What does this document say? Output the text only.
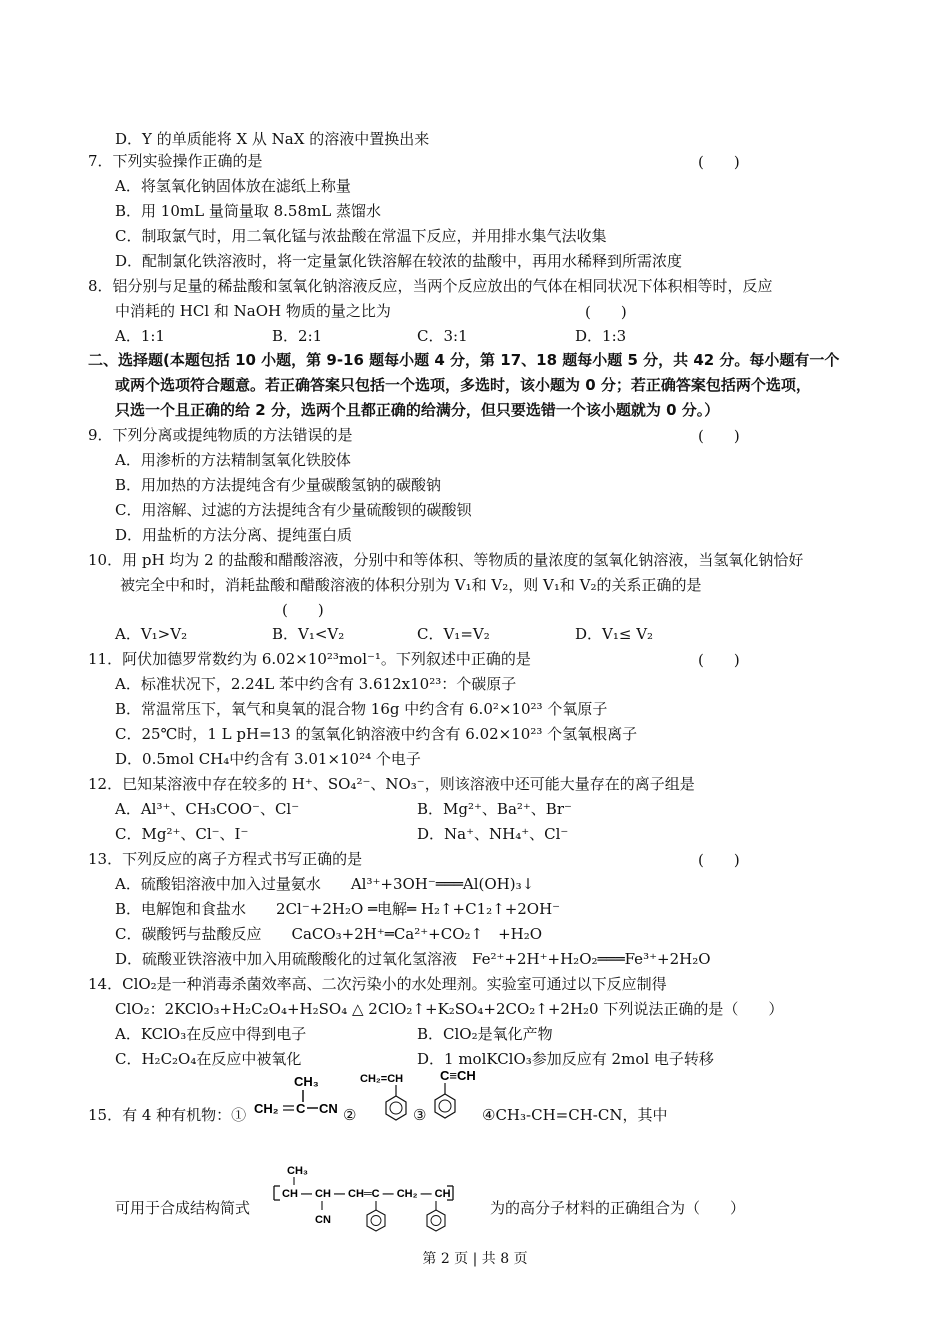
D．Y 的单质能将 X 从 NaX 的溶液中置换出来
7．下列实验操作正确的是	(　　)
A．将氢氧化钠固体放在滤纸上称量
B．用 10mL 量筒量取 8.58mL 蒸馏水
C．制取氯气时，用二氧化锰与浓盐酸在常温下反应，并用排水集气法收集
D．配制氯化铁溶液时，将一定量氯化铁溶解在较浓的盐酸中，再用水稀释到所需浓度
8．铝分别与足量的稀盐酸和氢氧化钠溶液反应，当两个反应放出的气体在相同状况下体积相等时，反应
中消耗的 HCl 和 NaOH 物质的量之比为	(　　)
A．1:1	B．2:1	C．3:1	D．1:3
二、选择题(本题包括 10 小题，第 9-16 题每小题 4 分，第 17、18 题每小题 5 分，共 42 分。每小题有一个
或两个选项符合题意。若正确答案只包括一个选项，多选时，该小题为 0 分；若正确答案包括两个选项，
只选一个且正确的给 2 分，选两个且都正确的给满分，但只要选错一个该小题就为 0 分。）
9．下列分离或提纯物质的方法错误的是	(　　)
A．用渗析的方法精制氢氧化铁胶体
B．用加热的方法提纯含有少量碳酸氢钠的碳酸钠
C．用溶解、过滤的方法提纯含有少量硫酸钡的碳酸钡
D．用盐析的方法分离、提纯蛋白质
10．用 pH 均为 2 的盐酸和醋酸溶液，分别中和等体积、等物质的量浓度的氢氧化钠溶液，当氢氧化钠恰好
被完全中和时，消耗盐酸和醋酸溶液的体积分别为 V₁和 V₂，则 V₁和 V₂的关系正确的是
(　　)
A．V₁>V₂	B．V₁<V₂	C．V₁=V₂	D．V₁≤ V₂
11．阿伏加德罗常数约为 6.02×10²³mol⁻¹。下列叙述中正确的是	(　　)
A．标准状况下，2.24L 苯中约含有 3.612x10²³：个碳原子
B．常温常压下，氧气和臭氧的混合物 16g 中约含有 6.0²×10²³ 个氧原子
C．25℃时，1 L pH=13 的氢氧化钠溶液中约含有 6.02×10²³ 个氢氧根离子
D．0.5mol CH₄中约含有 3.01×10²⁴ 个电子
12．巳知某溶液中存在较多的 H⁺、SO₄²⁻、NO₃⁻，则该溶液中还可能大量存在的离子组是
A．Al³⁺、CH₃COO⁻、Cl⁻	B．Mg²⁺、Ba²⁺、Br⁻
C．Mg²⁺、Cl⁻、I⁻	D．Na⁺、NH₄⁺、Cl⁻
13．下列反应的离子方程式书写正确的是	(　　)
A．硫酸铝溶液中加入过量氨水　　Al³⁺+3OH⁻═══Al(OH)₃↓
B．电解饱和食盐水　　2Cl⁻+2H₂O ═电解═ H₂↑+C1₂↑+2OH⁻
C．碳酸钙与盐酸反应　　CaCO₃+2H⁺═Ca²⁺+CO₂↑　+H₂O
D．硫酸亚铁溶液中加入用硫酸酸化的过氧化氢溶液　Fe²⁺+2H⁺+H₂O₂═══Fe³⁺+2H₂O
14．ClO₂是一种消毒杀菌效率高、二次污染小的水处理剂。实验室可通过以下反应制得
ClO₂：2KClO₃+H₂C₂O₄+H₂SO₄ △ 2ClO₂↑+K₂SO₄+2CO₂↑+2H₂0 下列说法正确的是（　　）
A．KClO₃在反应中得到电子	B．ClO₂是氧化产物
C．H₂C₂O₄在反应中被氧化	D．1 molKClO₃参加反应有 2mol 电子转移
15．有 4 种有机物：①
CH₃
CH₂ C CN ②
CH₂=CH
③
C≡CH
④CH₃-CH=CH-CN，其中
可用于合成结构简式
CH₃
CH — CH — CH═C — CH₂ — CH
CN
为的高分子材料的正确组合为（　　）
第 2 页 | 共 8 页
